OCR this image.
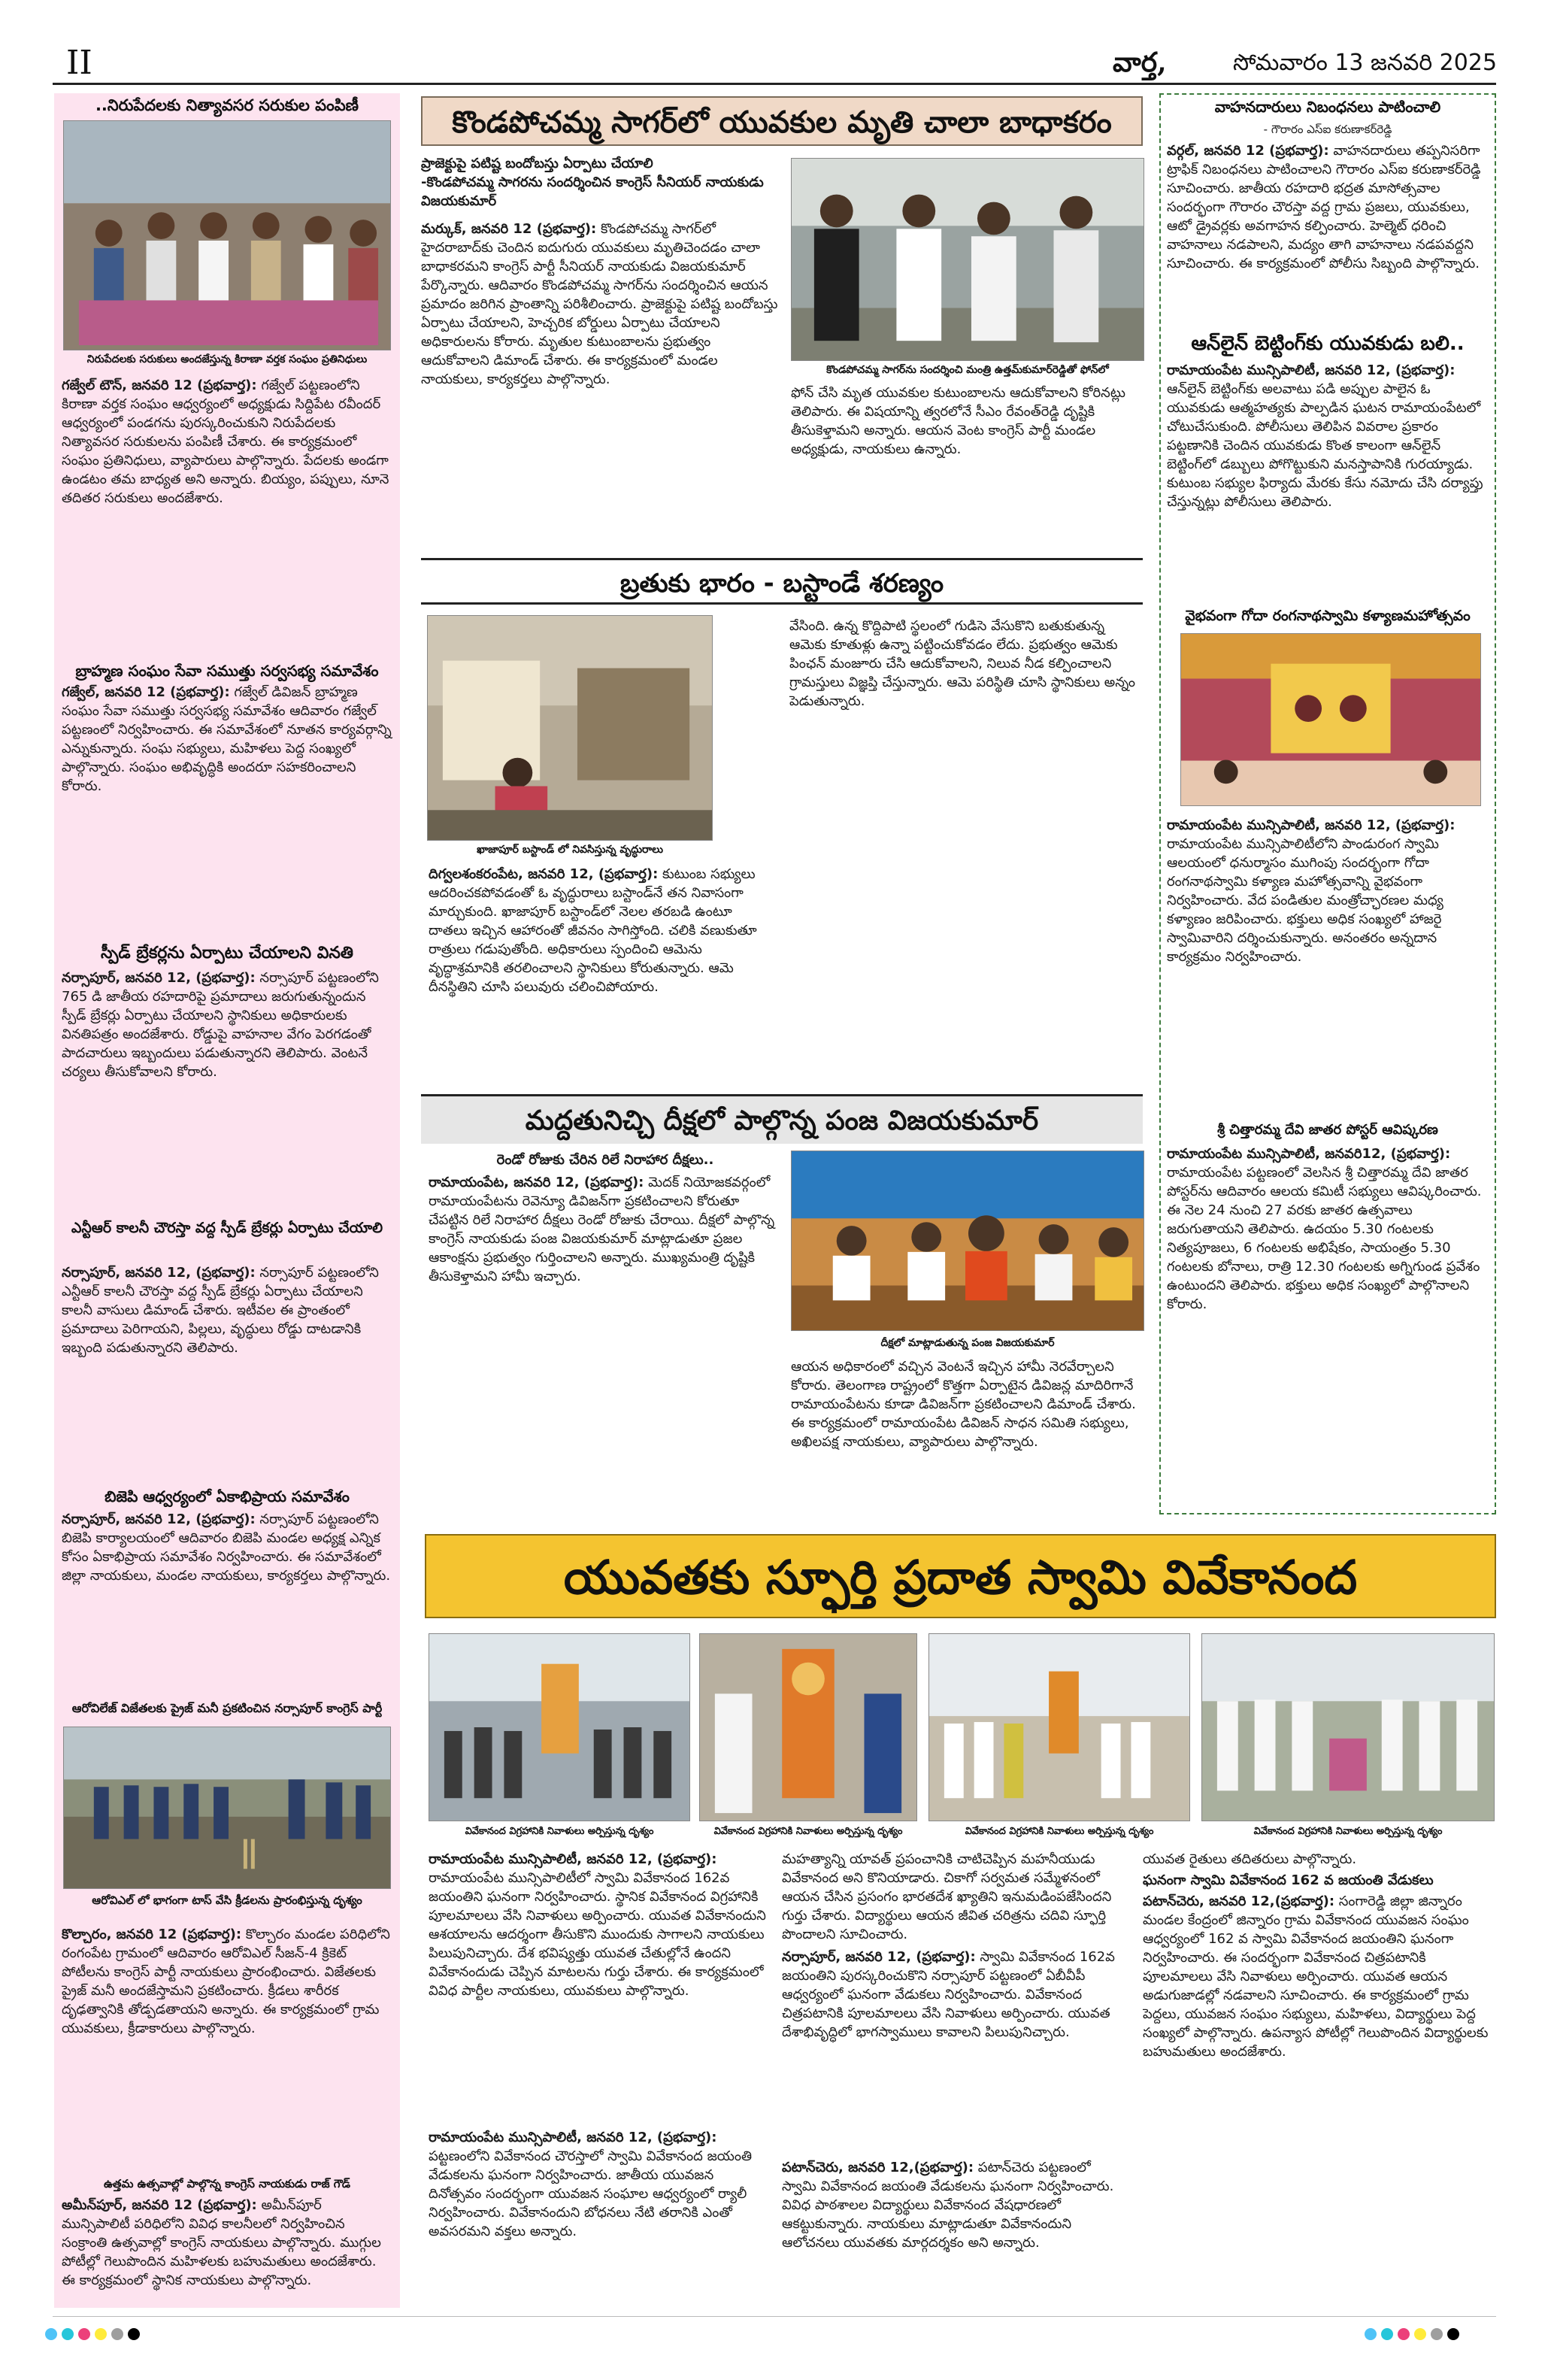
II	వార్త,	సోమవారం 13 జనవరి 2025
..నిరుపేదలకు నిత్యావసర సరుకుల పంపిణీ
నిరుపేదలకు సరుకులు అందజేస్తున్న కిరాణా వర్తక సంఘం ప్రతినిధులు
గజ్వేల్ టౌన్, జనవరి 12 (ప్రభవార్త): గజ్వేల్ పట్టణంలోని కిరాణా వర్తక సంఘం ఆధ్వర్యంలో అధ్యక్షుడు సిద్దిపేట రవీందర్ ఆధ్వర్యంలో పండగను పురస్కరించుకుని నిరుపేదలకు నిత్యావసర సరుకులను పంపిణీ చేశారు. ఈ కార్యక్రమంలో సంఘం ప్రతినిధులు, వ్యాపారులు పాల్గొన్నారు. పేదలకు అండగా ఉండటం తమ బాధ్యత అని అన్నారు. బియ్యం, పప్పులు, నూనె తదితర సరుకులు అందజేశారు.
బ్రాహ్మణ సంఘం సేవా సముత్తు సర్వసభ్య సమావేశం
గజ్వేల్, జనవరి 12 (ప్రభవార్త): గజ్వేల్ డివిజన్ బ్రాహ్మణ సంఘం సేవా సముత్తు సర్వసభ్య సమావేశం ఆదివారం గజ్వేల్ పట్టణంలో నిర్వహించారు. ఈ సమావేశంలో నూతన కార్యవర్గాన్ని ఎన్నుకున్నారు. సంఘ సభ్యులు, మహిళలు పెద్ద సంఖ్యలో పాల్గొన్నారు. సంఘం అభివృద్ధికి అందరూ సహకరించాలని కోరారు.
స్పీడ్ బ్రేకర్లను ఏర్పాటు చేయాలని వినతి
నర్సాపూర్, జనవరి 12, (ప్రభవార్త): నర్సాపూర్ పట్టణంలోని 765 డి జాతీయ రహదారిపై ప్రమాదాలు జరుగుతున్నందున స్పీడ్ బ్రేకర్లు ఏర్పాటు చేయాలని స్థానికులు అధికారులకు వినతిపత్రం అందజేశారు. రోడ్డుపై వాహనాల వేగం పెరగడంతో పాదచారులు ఇబ్బందులు పడుతున్నారని తెలిపారు. వెంటనే చర్యలు తీసుకోవాలని కోరారు.
ఎన్టీఆర్ కాలనీ చౌరస్తా వద్ద స్పీడ్ బ్రేకర్లు ఏర్పాటు చేయాలి
నర్సాపూర్, జనవరి 12, (ప్రభవార్త): నర్సాపూర్ పట్టణంలోని ఎన్టీఆర్ కాలనీ చౌరస్తా వద్ద స్పీడ్ బ్రేకర్లు ఏర్పాటు చేయాలని కాలనీ వాసులు డిమాండ్ చేశారు. ఇటీవల ఈ ప్రాంతంలో ప్రమాదాలు పెరిగాయని, పిల్లలు, వృద్ధులు రోడ్డు దాటడానికి ఇబ్బంది పడుతున్నారని తెలిపారు.
బిజెపి ఆధ్వర్యంలో ఏకాభిప్రాయ సమావేశం
నర్సాపూర్, జనవరి 12, (ప్రభవార్త): నర్సాపూర్ పట్టణంలోని బిజెపి కార్యాలయంలో ఆదివారం బిజెపి మండల అధ్యక్ష ఎన్నిక కోసం ఏకాభిప్రాయ సమావేశం నిర్వహించారు. ఈ సమావేశంలో జిల్లా నాయకులు, మండల నాయకులు, కార్యకర్తలు పాల్గొన్నారు.
ఆరోవిలేజ్ విజేతలకు ప్రైజ్ మనీ ప్రకటించిన నర్సాపూర్ కాంగ్రెస్ పార్టీ
ఆరోవిఎల్ లో భాగంగా టాస్ వేసి క్రీడలను ప్రారంభిస్తున్న దృశ్యం
కొల్చారం, జనవరి 12 (ప్రభవార్త): కొల్చారం మండల పరిధిలోని రంగంపేట గ్రామంలో ఆదివారం ఆరోవిఎల్ సీజన్-4 క్రికెట్ పోటీలను కాంగ్రెస్ పార్టీ నాయకులు ప్రారంభించారు. విజేతలకు ప్రైజ్ మనీ అందజేస్తామని ప్రకటించారు. క్రీడలు శారీరక దృఢత్వానికి తోడ్పడతాయని అన్నారు. ఈ కార్యక్రమంలో గ్రామ యువకులు, క్రీడాకారులు పాల్గొన్నారు.
ఉత్తమ ఉత్సవాల్లో పాల్గొన్న కాంగ్రెస్ నాయకుడు రాజ్ గౌడ్
అమీన్‌పూర్, జనవరి 12 (ప్రభవార్త): అమీన్‌పూర్ మున్సిపాలిటీ పరిధిలోని వివిధ కాలనీలలో నిర్వహించిన సంక్రాంతి ఉత్సవాల్లో కాంగ్రెస్ నాయకులు పాల్గొన్నారు. ముగ్గుల పోటీల్లో గెలుపొందిన మహిళలకు బహుమతులు అందజేశారు. ఈ కార్యక్రమంలో స్థానిక నాయకులు పాల్గొన్నారు.
కొండపోచమ్మ సాగర్‌లో యువకుల మృతి చాలా బాధాకరం
ప్రాజెక్టుపై పటిష్ట బందోబస్తు ఏర్పాటు చేయాలి
-కొండపోచమ్మ సాగరను సందర్శించిన కాంగ్రెస్ సీనియర్ నాయకుడు విజయకుమార్
మర్కుక్, జనవరి 12 (ప్రభవార్త): కొండపోచమ్మ సాగర్‌లో హైదరాబాద్‌కు చెందిన ఐదుగురు యువకులు మృతిచెందడం చాలా బాధాకరమని కాంగ్రెస్ పార్టీ సీనియర్ నాయకుడు విజయకుమార్ పేర్కొన్నారు. ఆదివారం కొండపోచమ్మ సాగర్‌ను సందర్శించిన ఆయన ప్రమాదం జరిగిన ప్రాంతాన్ని పరిశీలించారు. ప్రాజెక్టుపై పటిష్ట బందోబస్తు ఏర్పాటు చేయాలని, హెచ్చరిక బోర్డులు ఏర్పాటు చేయాలని అధికారులను కోరారు. మృతుల కుటుంబాలను ప్రభుత్వం ఆదుకోవాలని డిమాండ్ చేశారు. ఈ కార్యక్రమంలో మండల నాయకులు, కార్యకర్తలు పాల్గొన్నారు.
కొండపోచమ్మ సాగర్‌ను సందర్శించి మంత్రి ఉత్తమ్‌కుమార్‌రెడ్డితో ఫోన్‌లో
ఫోన్ చేసి మృత యువకుల కుటుంబాలను ఆదుకోవాలని కోరినట్లు తెలిపారు. ఈ విషయాన్ని త్వరలోనే సీఎం రేవంత్‌రెడ్డి దృష్టికి తీసుకెళ్తామని అన్నారు. ఆయన వెంట కాంగ్రెస్ పార్టీ మండల అధ్యక్షుడు, నాయకులు ఉన్నారు.
బ్రతుకు భారం - బస్టాండే శరణ్యం
ఖాజాపూర్ బస్టాండ్ లో నివసిస్తున్న వృద్ధురాలు
దిగ్వలశంకరంపేట, జనవరి 12, (ప్రభవార్త): కుటుంబ సభ్యులు ఆదరించకపోవడంతో ఓ వృద్ధురాలు బస్టాండ్‌నే తన నివాసంగా మార్చుకుంది. ఖాజాపూర్ బస్టాండ్‌లో నెలల తరబడి ఉంటూ దాతలు ఇచ్చిన ఆహారంతో జీవనం సాగిస్తోంది. చలికి వణుకుతూ రాత్రులు గడుపుతోంది. అధికారులు స్పందించి ఆమెను వృద్ధాశ్రమానికి తరలించాలని స్థానికులు కోరుతున్నారు. ఆమె దీనస్థితిని చూసి పలువురు చలించిపోయారు.
వేసింది. ఉన్న కొద్దిపాటి స్థలంలో గుడిసె వేసుకొని బతుకుతున్న ఆమెకు కూతుళ్లు ఉన్నా పట్టించుకోవడం లేదు. ప్రభుత్వం ఆమెకు పింఛన్ మంజూరు చేసి ఆదుకోవాలని, నిలువ నీడ కల్పించాలని గ్రామస్తులు విజ్ఞప్తి చేస్తున్నారు. ఆమె పరిస్థితి చూసి స్థానికులు అన్నం పెడుతున్నారు.
మద్దతునిచ్చి దీక్షలో పాల్గొన్న పంజ విజయకుమార్
రెండో రోజుకు చేరిన రిలే నిరాహార దీక్షలు..
రామాయంపేట, జనవరి 12, (ప్రభవార్త): మెదక్ నియోజకవర్గంలో రామాయంపేటను రెవెన్యూ డివిజన్‌గా ప్రకటించాలని కోరుతూ చేపట్టిన రిలే నిరాహార దీక్షలు రెండో రోజుకు చేరాయి. దీక్షలో పాల్గొన్న కాంగ్రెస్ నాయకుడు పంజ విజయకుమార్ మాట్లాడుతూ ప్రజల ఆకాంక్షను ప్రభుత్వం గుర్తించాలని అన్నారు. ముఖ్యమంత్రి దృష్టికి తీసుకెళ్తామని హామీ ఇచ్చారు.
దీక్షలో మాట్లాడుతున్న పంజ విజయకుమార్
ఆయన అధికారంలో వచ్చిన వెంటనే ఇచ్చిన హామీ నెరవేర్చాలని కోరారు. తెలంగాణ రాష్ట్రంలో కొత్తగా ఏర్పాటైన డివిజన్ల మాదిరిగానే రామాయంపేటను కూడా డివిజన్‌గా ప్రకటించాలని డిమాండ్ చేశారు. ఈ కార్యక్రమంలో రామాయంపేట డివిజన్ సాధన సమితి సభ్యులు, అఖిలపక్ష నాయకులు, వ్యాపారులు పాల్గొన్నారు.
వాహనదారులు నిబంధనలు పాటించాలి
- గౌరారం ఎస్ఐ కరుణాకర్‌రెడ్డి
వర్గల్, జనవరి 12 (ప్రభవార్త): వాహనదారులు తప్పనిసరిగా ట్రాఫిక్ నిబంధనలు పాటించాలని గౌరారం ఎస్ఐ కరుణాకర్‌రెడ్డి సూచించారు. జాతీయ రహదారి భద్రత మాసోత్సవాల సందర్భంగా గౌరారం చౌరస్తా వద్ద గ్రామ ప్రజలు, యువకులు, ఆటో డ్రైవర్లకు అవగాహన కల్పించారు. హెల్మెట్ ధరించి వాహనాలు నడపాలని, మద్యం తాగి వాహనాలు నడపవద్దని సూచించారు. ఈ కార్యక్రమంలో పోలీసు సిబ్బంది పాల్గొన్నారు.
ఆన్‌లైన్ బెట్టింగ్‌కు యువకుడు బలి..
రామాయంపేట మున్సిపాలిటీ, జనవరి 12, (ప్రభవార్త): ఆన్‌లైన్ బెట్టింగ్‌కు అలవాటు పడి అప్పుల పాలైన ఓ యువకుడు ఆత్మహత్యకు పాల్పడిన ఘటన రామాయంపేటలో చోటుచేసుకుంది. పోలీసులు తెలిపిన వివరాల ప్రకారం పట్టణానికి చెందిన యువకుడు కొంత కాలంగా ఆన్‌లైన్ బెట్టింగ్‌లో డబ్బులు పోగొట్టుకుని మనస్తాపానికి గురయ్యాడు. కుటుంబ సభ్యుల ఫిర్యాదు మేరకు కేసు నమోదు చేసి దర్యాప్తు చేస్తున్నట్లు పోలీసులు తెలిపారు.
వైభవంగా గోదా రంగనాథస్వామి కళ్యాణమహోత్సవం
రామాయంపేట మున్సిపాలిటీ, జనవరి 12, (ప్రభవార్త): రామాయంపేట మున్సిపాలిటీలోని పాండురంగ స్వామి ఆలయంలో ధనుర్మాసం ముగింపు సందర్భంగా గోదా రంగనాథస్వామి కళ్యాణ మహోత్సవాన్ని వైభవంగా నిర్వహించారు. వేద పండితుల మంత్రోచ్ఛారణల మధ్య కళ్యాణం జరిపించారు. భక్తులు అధిక సంఖ్యలో హాజరై స్వామివారిని దర్శించుకున్నారు. అనంతరం అన్నదాన కార్యక్రమం నిర్వహించారు.
శ్రీ చిత్తారమ్మ దేవి జాతర పోస్టర్ ఆవిష్కరణ
రామాయంపేట మున్సిపాలిటీ, జనవరి12, (ప్రభవార్త): రామాయంపేట పట్టణంలో వెలసిన శ్రీ చిత్తారమ్మ దేవి జాతర పోస్టర్‌ను ఆదివారం ఆలయ కమిటీ సభ్యులు ఆవిష్కరించారు. ఈ నెల 24 నుంచి 27 వరకు జాతర ఉత్సవాలు జరుగుతాయని తెలిపారు. ఉదయం 5.30 గంటలకు నిత్యపూజలు, 6 గంటలకు అభిషేకం, సాయంత్రం 5.30 గంటలకు బోనాలు, రాత్రి 12.30 గంటలకు అగ్నిగుండ ప్రవేశం ఉంటుందని తెలిపారు. భక్తులు అధిక సంఖ్యలో పాల్గొనాలని కోరారు.
యువతకు స్ఫూర్తి ప్రదాత స్వామి వివేకానంద
వివేకానంద విగ్రహానికి నివాళులు అర్పిస్తున్న దృశ్యం	వివేకానంద విగ్రహానికి నివాళులు అర్పిస్తున్న దృశ్యం	వివేకానంద విగ్రహానికి నివాళులు అర్పిస్తున్న దృశ్యం	వివేకానంద విగ్రహానికి నివాళులు అర్పిస్తున్న దృశ్యం
రామాయంపేట మున్సిపాలిటీ, జనవరి 12, (ప్రభవార్త): రామాయంపేట మున్సిపాలిటీలో స్వామి వివేకానంద 162వ జయంతిని ఘనంగా నిర్వహించారు. స్థానిక వివేకానంద విగ్రహానికి పూలమాలలు వేసి నివాళులు అర్పించారు. యువత వివేకానందుని ఆశయాలను ఆదర్శంగా తీసుకొని ముందుకు సాగాలని నాయకులు పిలుపునిచ్చారు. దేశ భవిష్యత్తు యువత చేతుల్లోనే ఉందని వివేకానందుడు చెప్పిన మాటలను గుర్తు చేశారు. ఈ కార్యక్రమంలో వివిధ పార్టీల నాయకులు, యువకులు పాల్గొన్నారు.
రామాయంపేట మున్సిపాలిటీ, జనవరి 12, (ప్రభవార్త): పట్టణంలోని వివేకానంద చౌరస్తాలో స్వామి వివేకానంద జయంతి వేడుకలను ఘనంగా నిర్వహించారు. జాతీయ యువజన దినోత్సవం సందర్భంగా యువజన సంఘాల ఆధ్వర్యంలో ర్యాలీ నిర్వహించారు. వివేకానందుని బోధనలు నేటి తరానికి ఎంతో అవసరమని వక్తలు అన్నారు.
మహత్యాన్ని యావత్ ప్రపంచానికి చాటిచెప్పిన మహనీయుడు వివేకానంద అని కొనియాడారు. చికాగో సర్వమత సమ్మేళనంలో ఆయన చేసిన ప్రసంగం భారతదేశ ఖ్యాతిని ఇనుమడింపజేసిందని గుర్తు చేశారు. విద్యార్థులు ఆయన జీవిత చరిత్రను చదివి స్ఫూర్తి పొందాలని సూచించారు.
నర్సాపూర్, జనవరి 12, (ప్రభవార్త): స్వామి వివేకానంద 162వ జయంతిని పురస్కరించుకొని నర్సాపూర్ పట్టణంలో ఏబీవీపీ ఆధ్వర్యంలో ఘనంగా వేడుకలు నిర్వహించారు. వివేకానంద చిత్రపటానికి పూలమాలలు వేసి నివాళులు అర్పించారు. యువత దేశాభివృద్ధిలో భాగస్వాములు కావాలని పిలుపునిచ్చారు.
పటాన్‌చెరు, జనవరి 12,(ప్రభవార్త): పటాన్‌చెరు పట్టణంలో స్వామి వివేకానంద జయంతి వేడుకలను ఘనంగా నిర్వహించారు. వివిధ పాఠశాలల విద్యార్థులు వివేకానంద వేషధారణలో ఆకట్టుకున్నారు. నాయకులు మాట్లాడుతూ వివేకానందుని ఆలోచనలు యువతకు మార్గదర్శకం అని అన్నారు.
యువత రైతులు తదితరులు పాల్గొన్నారు.
ఘనంగా స్వామి వివేకానంద 162 వ జయంతి వేడుకలు
పటాన్‌చెరు, జనవరి 12,(ప్రభవార్త): సంగారెడ్డి జిల్లా జిన్నారం మండల కేంద్రంలో జిన్నారం గ్రామ వివేకానంద యువజన సంఘం ఆధ్వర్యంలో 162 వ స్వామి వివేకానంద జయంతిని ఘనంగా నిర్వహించారు. ఈ సందర్భంగా వివేకానంద చిత్రపటానికి పూలమాలలు వేసి నివాళులు అర్పించారు. యువత ఆయన అడుగుజాడల్లో నడవాలని సూచించారు. ఈ కార్యక్రమంలో గ్రామ పెద్దలు, యువజన సంఘం సభ్యులు, మహిళలు, విద్యార్థులు పెద్ద సంఖ్యలో పాల్గొన్నారు. ఉపన్యాస పోటీల్లో గెలుపొందిన విద్యార్థులకు బహుమతులు అందజేశారు.
